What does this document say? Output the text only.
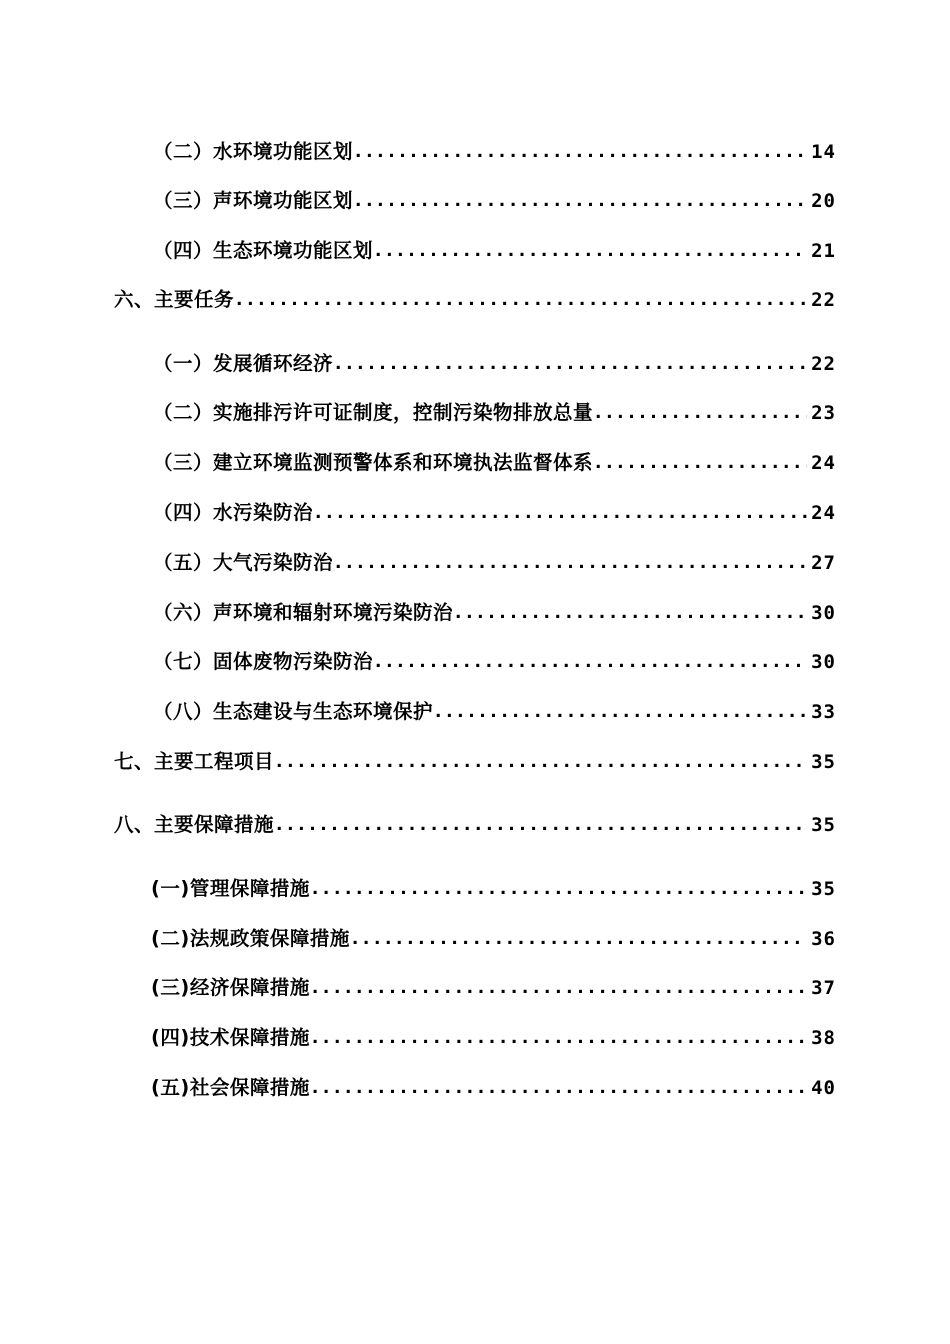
（二）水环境功能区划 .....	14
（三）声环境功能区划 .....	20
（四）生态环境功能区划 .....	21
六、主要任务 .....	22
（一）发展循环经济 .....	22
（二）实施排污许可证制度，控制污染物排放总量 .....	23
（三）建立环境监测预警体系和环境执法监督体系 .....	24
（四）水污染防治 .....	24
（五）大气污染防治 .....	27
（六）声环境和辐射环境污染防治 .....	30
（七）固体废物污染防治 .....	30
（八）生态建设与生态环境保护 .....	33
七、主要工程项目 .....	35
八、主要保障措施 .....	35
(一)管理保障措施 .....	35
(二)法规政策保障措施 .....	36
(三)经济保障措施 .....	37
(四)技术保障措施 .....	38
(五)社会保障措施 .....	40
